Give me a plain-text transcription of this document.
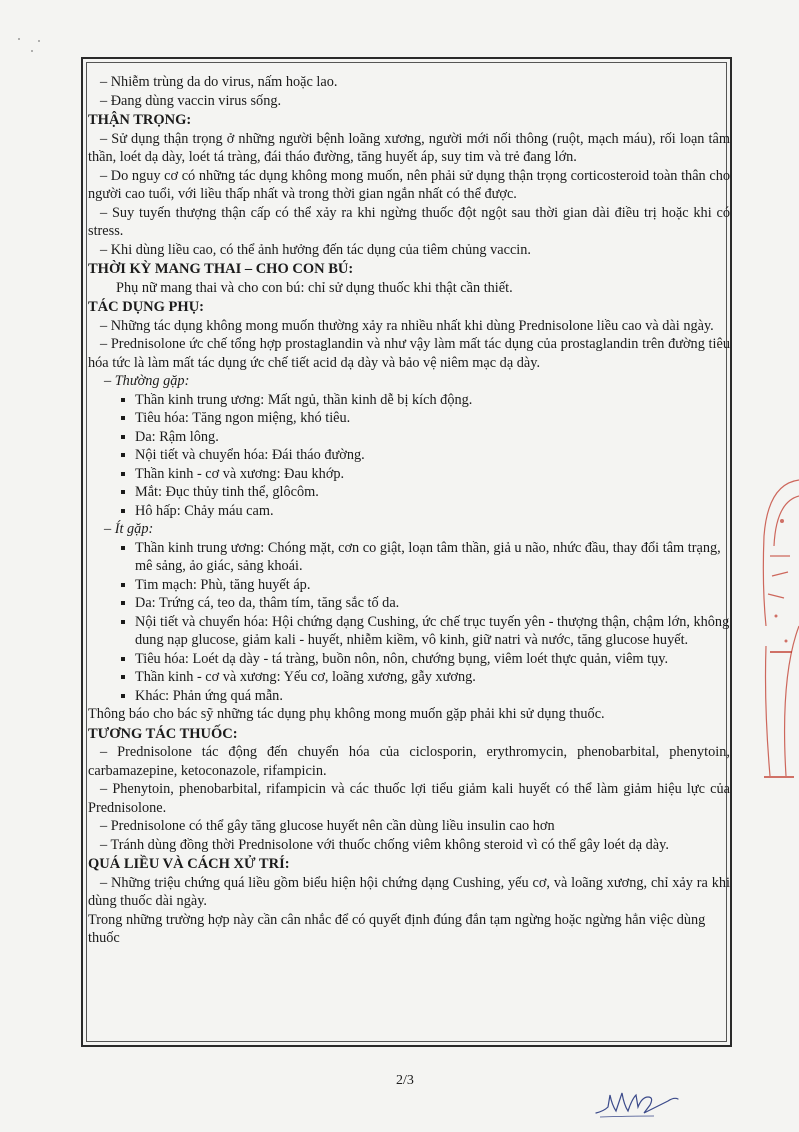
– Nhiễm trùng da do virus, nấm hoặc lao.

– Đang dùng vaccin virus sống.

THẬN TRỌNG:

– Sử dụng thận trọng ở những người bệnh loãng xương, người mới nối thông (ruột, mạch máu), rối loạn tâm thần, loét dạ dày, loét tá tràng, đái tháo đường, tăng huyết áp, suy tim và trẻ đang lớn.

– Do nguy cơ có những tác dụng không mong muốn, nên phải sử dụng thận trọng corticosteroid toàn thân cho người cao tuổi, với liều thấp nhất và trong thời gian ngắn nhất có thể được.

– Suy tuyến thượng thận cấp có thể xảy ra khi ngừng thuốc đột ngột sau thời gian dài điều trị hoặc khi có stress.

– Khi dùng liều cao, có thể ảnh hưởng đến tác dụng của tiêm chủng vaccin.

THỜI KỲ MANG THAI – CHO CON BÚ:

Phụ nữ mang thai và cho con bú: chỉ sử dụng thuốc khi thật cần thiết.

TÁC DỤNG PHỤ:

– Những tác dụng không mong muốn thường xảy ra nhiều nhất khi dùng Prednisolone liều cao và dài ngày.

– Prednisolone ức chế tổng hợp prostaglandin và như vậy làm mất tác dụng của prostaglandin trên đường tiêu hóa tức là làm mất tác dụng ức chế tiết acid dạ dày và bảo vệ niêm mạc dạ dày.

– Thường gặp:

Thần kinh trung ương: Mất ngủ, thần kinh dễ bị kích động.
Tiêu hóa: Tăng ngon miệng, khó tiêu.
Da: Rậm lông.
Nội tiết và chuyển hóa: Đái tháo đường.
Thần kinh - cơ và xương: Đau khớp.
Mắt: Đục thủy tinh thể, glôcôm.
Hô hấp: Chảy máu cam.

– Ít gặp:

Thần kinh trung ương: Chóng mặt, cơn co giật, loạn tâm thần, giả u não, nhức đầu, thay đổi tâm trạng, mê sảng, ảo giác, sảng khoái.
Tim mạch: Phù, tăng huyết áp.
Da: Trứng cá, teo da, thâm tím, tăng sắc tố da.
Nội tiết và chuyển hóa: Hội chứng dạng Cushing, ức chế trục tuyến yên - thượng thận, chậm lớn, không dung nạp glucose, giảm kali - huyết, nhiễm kiềm, vô kinh, giữ natri và nước, tăng glucose huyết.
Tiêu hóa: Loét dạ dày - tá tràng, buồn nôn, nôn, chướng bụng, viêm loét thực quản, viêm tụy.
Thần kinh - cơ và xương: Yếu cơ, loãng xương, gẫy xương.
Khác: Phản ứng quá mẫn.

Thông báo cho bác sỹ những tác dụng phụ không mong muốn gặp phải khi sử dụng thuốc.

TƯƠNG TÁC THUỐC:

– Prednisolone tác động đến chuyển hóa của ciclosporin, erythromycin, phenobarbital, phenytoin, carbamazepine, ketoconazole, rifampicin.

– Phenytoin, phenobarbital, rifampicin và các thuốc lợi tiểu giảm kali huyết có thể làm giảm hiệu lực của Prednisolone.

– Prednisolone có thể gây tăng glucose huyết nên cần dùng liều insulin cao hơn

– Tránh dùng đồng thời Prednisolone với thuốc chống viêm không steroid vì có thể gây loét dạ dày.

QUÁ LIỀU VÀ CÁCH XỬ TRÍ:

– Những triệu chứng quá liều gồm biểu hiện hội chứng dạng Cushing, yếu cơ, và loãng xương, chỉ xảy ra khi dùng thuốc dài ngày.

Trong những trường hợp này cần cân nhắc để có quyết định đúng đắn tạm ngừng hoặc ngừng hẳn việc dùng thuốc

2/3
